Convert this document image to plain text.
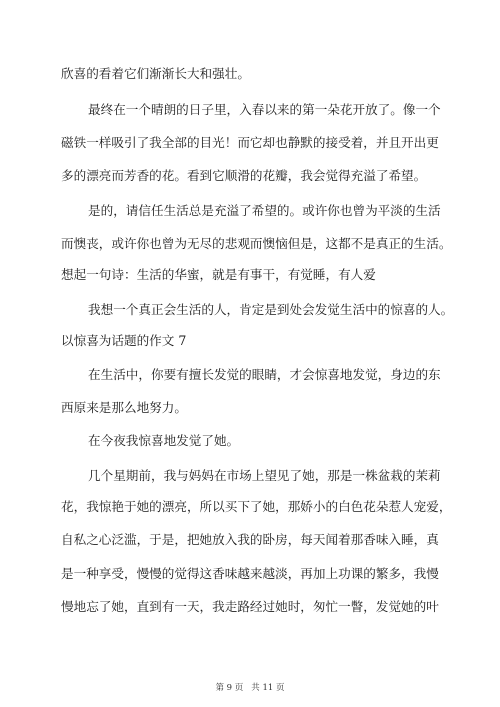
欣喜的看着它们渐渐长大和强壮。
最终在一个晴朗的日子里，入春以来的第一朵花开放了。像一个
磁铁一样吸引了我全部的目光！而它却也静默的接受着，并且开出更
多的漂亮而芳香的花。看到它顺滑的花瓣，我会觉得充溢了希望。
是的，请信任生活总是充溢了希望的。或许你也曾为平淡的生活
而懊丧，或许你也曾为无尽的悲观而懊恼但是，这都不是真正的生活。
想起一句诗：生活的华蜜，就是有事干，有觉睡，有人爱
我想一个真正会生活的人，肯定是到处会发觉生活中的惊喜的人。
以惊喜为话题的作文 7
在生活中，你要有擅长发觉的眼睛，才会惊喜地发觉，身边的东
西原来是那么地努力。
在今夜我惊喜地发觉了她。
几个星期前，我与妈妈在市场上望见了她，那是一株盆栽的茉莉
花，我惊艳于她的漂亮，所以买下了她，那娇小的白色花朵惹人宠爱，
自私之心泛滥，于是，把她放入我的卧房，每天闻着那香味入睡，真
是一种享受，慢慢的觉得这香味越来越淡，再加上功课的繁多，我慢
慢地忘了她，直到有一天，我走路经过她时，匆忙一瞥，发觉她的叶
第 9 页 共 11 页
